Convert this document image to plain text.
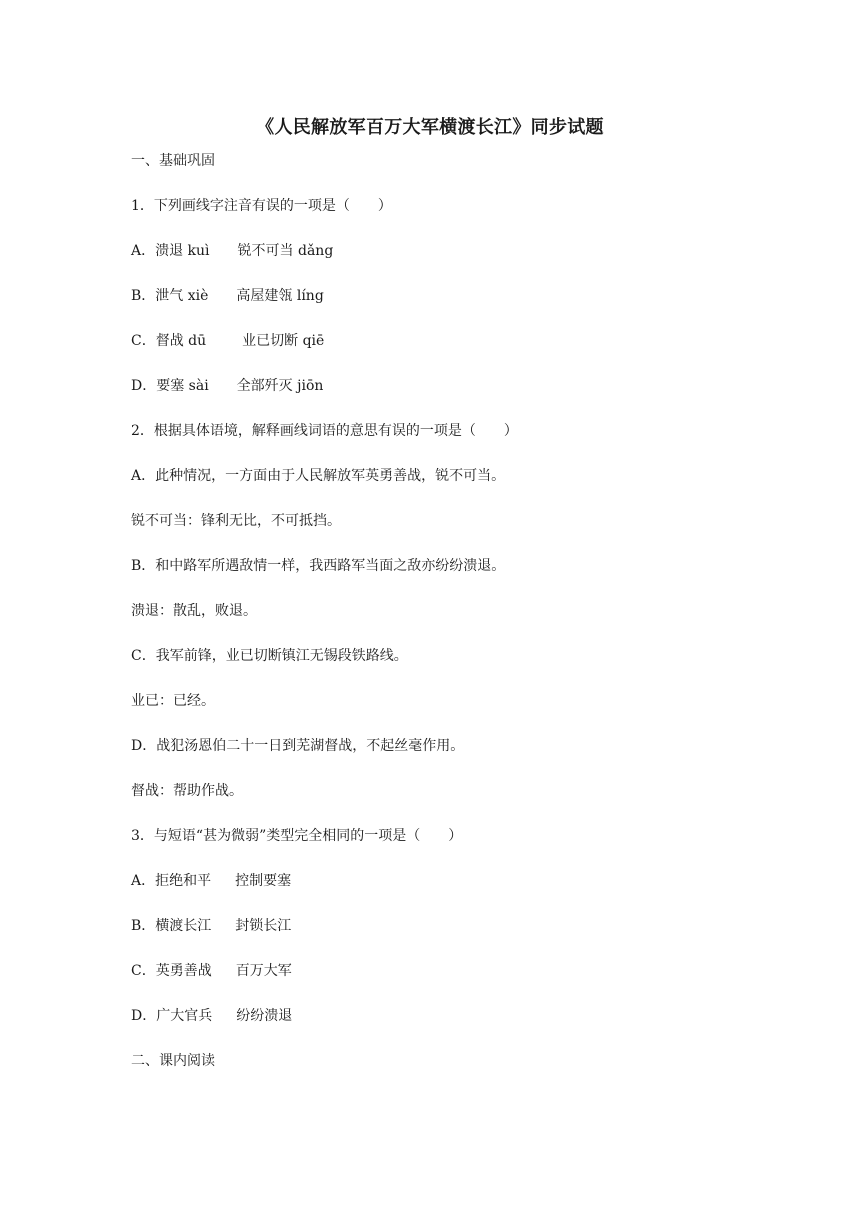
《人民解放军百万大军横渡长江》同步试题
一、基础巩固
1．下列画线字注音有误的一项是（　　）
A．溃退 kuì 锐不可当 dǎng
B．泄气 xiè 高屋建瓴 líng
C．督战 dū	业已切断 qiē
D．要塞 sài 全部歼灭 jiōn
2．根据具体语境，解释画线词语的意思有误的一项是（　　）
A．此种情况，一方面由于人民解放军英勇善战，锐不可当。
锐不可当：锋利无比，不可抵挡。
B．和中路军所遇敌情一样，我西路军当面之敌亦纷纷溃退。
溃退：散乱，败退。
C．我军前锋，业已切断镇江无锡段铁路线。
业已：已经。
D．战犯汤恩伯二十一日到芜湖督战，不起丝毫作用。
督战：帮助作战。
3．与短语“甚为微弱”类型完全相同的一项是（　　）
A．拒绝和平 控制要塞
B．横渡长江 封锁长江
C．英勇善战 百万大军
D．广大官兵 纷纷溃退
二、课内阅读
